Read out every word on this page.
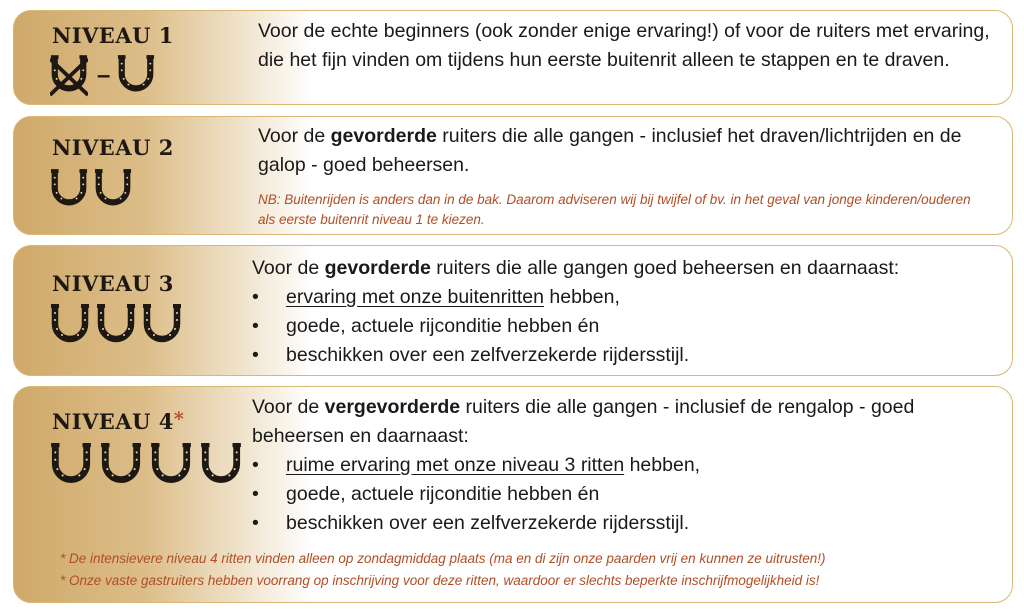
NIVEAU 1
–
Voor de echte beginners (ook zonder enige ervaring!) of voor de ruiters met ervaring, die het fijn vinden om tijdens hun eerste buitenrit alleen te stappen en te draven.
NIVEAU 2	Voor de gevorderde ruiters die alle gangen - inclusief het draven/lichtrijden en de galop - goed beheersen.
NB: Buitenrijden is anders dan in de bak. Daarom adviseren wij bij twijfel of bv. in het geval van jonge kinderen/ouderen als eerste buitenrit niveau 1 te kiezen.
NIVEAU 3
Voor de gevorderde ruiters die alle gangen goed beheersen en daarnaast:
• ervaring met onze buitenritten hebben,
• goede, actuele rijconditie hebben én
• beschikken over een zelfverzekerde rijdersstijl.
NIVEAU 4*
Voor de vergevorderde ruiters die alle gangen - inclusief de rengalop - goed beheersen en daarnaast:
• ruime ervaring met onze niveau 3 ritten hebben,
• goede, actuele rijconditie hebben én
• beschikken over een zelfverzekerde rijdersstijl.
* De intensievere niveau 4 ritten vinden alleen op zondagmiddag plaats (ma en di zijn onze paarden vrij en kunnen ze uitrusten!)
* Onze vaste gastruiters hebben voorrang op inschrijving voor deze ritten, waardoor er slechts beperkte inschrijfmogelijkheid is!
